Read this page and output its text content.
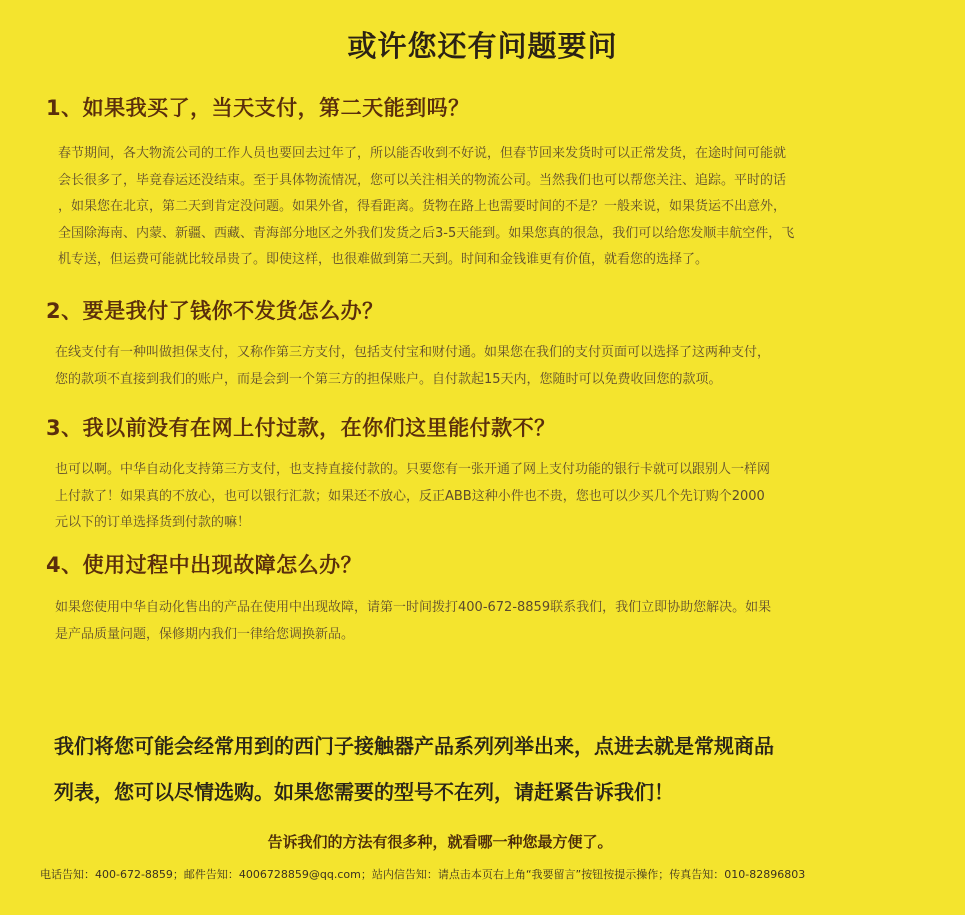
或许您还有问题要问
1、如果我买了，当天支付，第二天能到吗？
春节期间，各大物流公司的工作人员也要回去过年了，所以能否收到不好说，但春节回来发货时可以正常发货，在途时间可能就
会长很多了，毕竟春运还没结束。至于具体物流情况，您可以关注相关的物流公司。当然我们也可以帮您关注、追踪。平时的话
，如果您在北京，第二天到肯定没问题。如果外省，得看距离。货物在路上也需要时间的不是？一般来说，如果货运不出意外，
全国除海南、内蒙、新疆、西藏、青海部分地区之外我们发货之后3-5天能到。如果您真的很急，我们可以给您发顺丰航空件，飞
机专送，但运费可能就比较昂贵了。即使这样，也很难做到第二天到。时间和金钱谁更有价值，就看您的选择了。
2、要是我付了钱你不发货怎么办？
在线支付有一种叫做担保支付，又称作第三方支付，包括支付宝和财付通。如果您在我们的支付页面可以选择了这两种支付，
您的款项不直接到我们的账户，而是会到一个第三方的担保账户。自付款起15天内，您随时可以免费收回您的款项。
3、我以前没有在网上付过款，在你们这里能付款不？
也可以啊。中华自动化支持第三方支付，也支持直接付款的。只要您有一张开通了网上支付功能的银行卡就可以跟别人一样网
上付款了！如果真的不放心，也可以银行汇款；如果还不放心，反正ABB这种小件也不贵，您也可以少买几个先订购个2000
元以下的订单选择货到付款的嘛！
4、使用过程中出现故障怎么办？
如果您使用中华自动化售出的产品在使用中出现故障，请第一时间拨打400-672-8859联系我们，我们立即协助您解决。如果
是产品质量问题，保修期内我们一律给您调换新品。
我们将您可能会经常用到的西门子接触器产品系列列举出来，点进去就是常规商品
列表，您可以尽情选购。如果您需要的型号不在列，请赶紧告诉我们！
告诉我们的方法有很多种，就看哪一种您最方便了。
电话告知：400-672-8859；邮件告知：4006728859@qq.com；站内信告知：请点击本页右上角“我要留言”按钮按提示操作；传真告知：010-82896803
